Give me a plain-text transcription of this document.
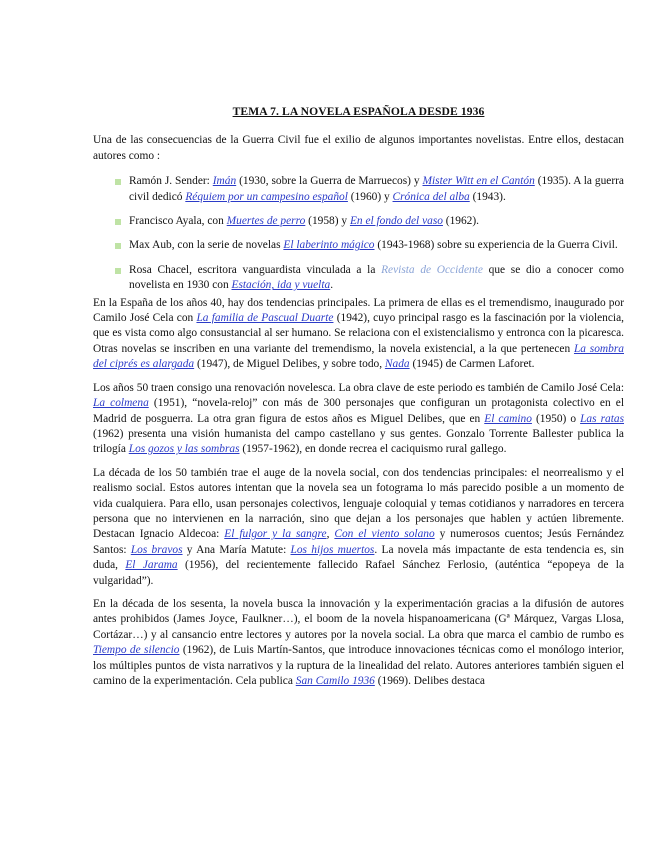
TEMA 7. LA NOVELA ESPAÑOLA DESDE 1936
Una de las consecuencias de la Guerra Civil fue el exilio de algunos importantes novelistas. Entre ellos, destacan autores como :
Ramón J. Sender: Imán (1930, sobre la Guerra de Marruecos) y Mister Witt en el Cantón (1935). A la guerra civil dedicó Réquiem por un campesino español (1960) y Crónica del alba (1943).
Francisco Ayala, con Muertes de perro (1958) y En el fondo del vaso (1962).
Max Aub, con la serie de novelas El laberinto mágico (1943-1968) sobre su experiencia de la Guerra Civil.
Rosa Chacel, escritora vanguardista vinculada a la Revista de Occidente que se dio a conocer como novelista en 1930 con Estación, ida y vuelta.
En la España de los años 40, hay dos tendencias principales. La primera de ellas es el tremendismo, inaugurado por Camilo José Cela con La familia de Pascual Duarte (1942), cuyo principal rasgo es la fascinación por la violencia, que es vista como algo consustancial al ser humano. Se relaciona con el existencialismo y entronca con la picaresca. Otras novelas se inscriben en una variante del tremendismo, la novela existencial, a la que pertenecen La sombra del ciprés es alargada (1947), de Miguel Delibes, y sobre todo, Nada (1945) de Carmen Laforet.
Los años 50 traen consigo una renovación novelesca. La obra clave de este periodo es también de Camilo José Cela: La colmena (1951), “novela-reloj” con más de 300 personajes que configuran un protagonista colectivo en el Madrid de posguerra. La otra gran figura de estos años es Miguel Delibes, que en El camino (1950) o Las ratas (1962) presenta una visión humanista del campo castellano y sus gentes. Gonzalo Torrente Ballester publica la trilogía Los gozos y las sombras (1957-1962), en donde recrea el caciquismo rural gallego.
La década de los 50 también trae el auge de la novela social, con dos tendencias principales: el neorrealismo y el realismo social. Estos autores intentan que la novela sea un fotograma lo más parecido posible a un momento de vida cualquiera. Para ello, usan personajes colectivos, lenguaje coloquial y temas cotidianos y narradores en tercera persona que no intervienen en la narración, sino que dejan a los personajes que hablen y actúen libremente. Destacan Ignacio Aldecoa: El fulgor y la sangre, Con el viento solano y numerosos cuentos; Jesús Fernández Santos: Los bravos y Ana María Matute: Los hijos muertos. La novela más impactante de esta tendencia es, sin duda, El Jarama (1956), del recientemente fallecido Rafael Sánchez Ferlosio, (auténtica “epopeya de la vulgaridad”).
En la década de los sesenta, la novela busca la innovación y la experimentación gracias a la difusión de autores antes prohibidos (James Joyce, Faulkner…), el boom de la novela hispanoamericana (Gª Márquez, Vargas Llosa, Cortázar…) y al cansancio entre lectores y autores por la novela social. La obra que marca el cambio de rumbo es Tiempo de silencio (1962), de Luis Martín-Santos, que introduce innovaciones técnicas como el monólogo interior, los múltiples puntos de vista narrativos y la ruptura de la linealidad del relato. Autores anteriores también siguen el camino de la experimentación. Cela publica San Camilo 1936 (1969). Delibes destaca
